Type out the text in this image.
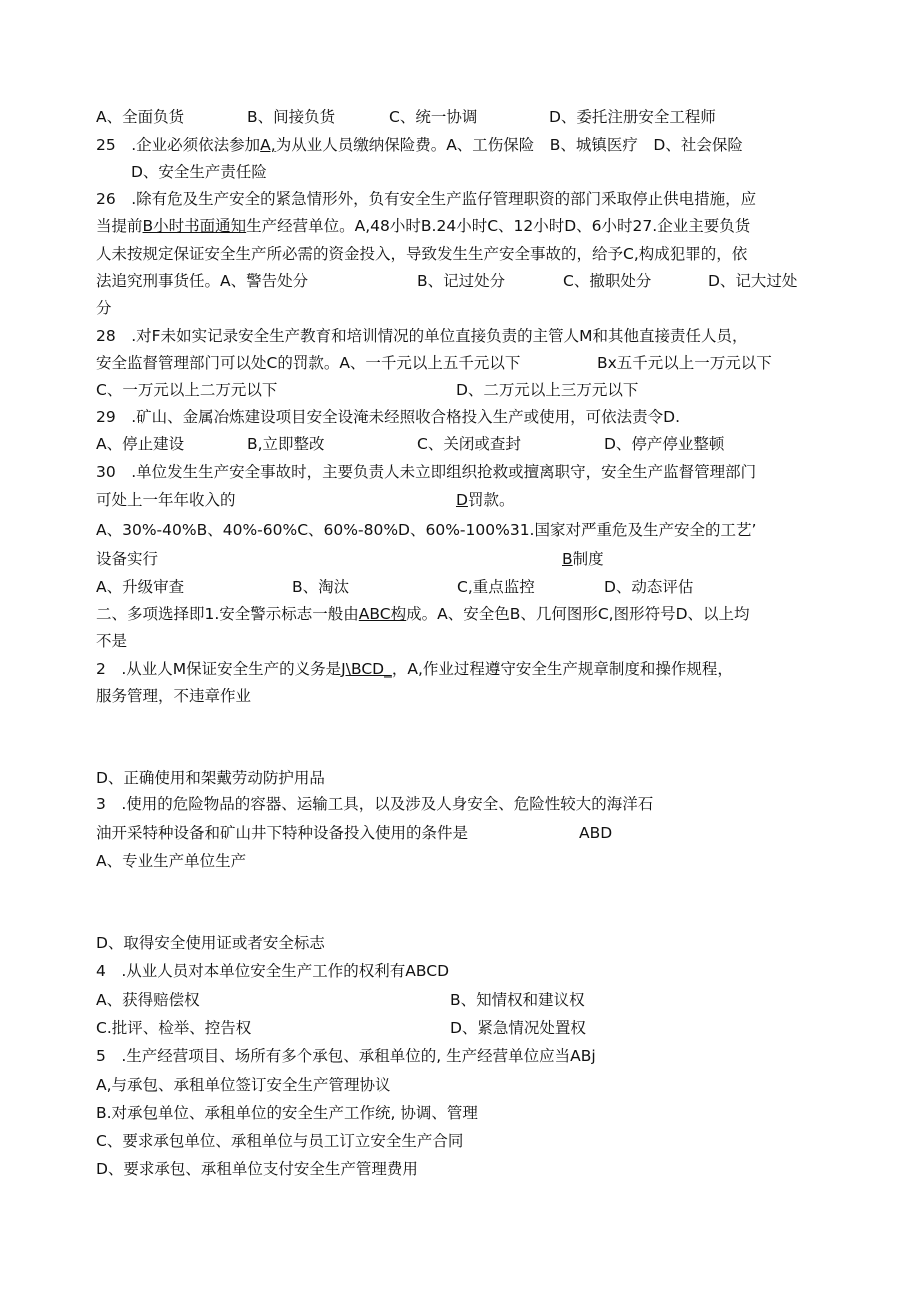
A、全面负货	B、间接负货	C、统一协调	D、委托注册安全工程师
25　.企业必须依法参加A,为从业人员缴纳保险费。A、工伤保险　B、城镇医疗　D、社会保险
D、安全生产责任险
26　.除有危及生产安全的紧急情形外，负有安全生产监仔管理职资的部门釆取停止供电措施，应
当提前B小时书面通知生产经营单位。A,48小时B.24小时C、12小时D、6小时27.企业主要负货
人未按规定保证安全生产所必需的资金投入，导致发生生产安全事故的，给予C,构成犯罪的，依
法追究刑事货任。A、警告处分	B、记过处分	C、撤职处分	D、记大过处
分
28　.对F未如实记录安全生产教育和培训情况的单位直接负责的主管人M和其他直接责任人员，
安全监督管理部门可以处C的罚款。A、一千元以上五千元以下	Bx五千元以上一万元以下
C、一万元以上二万元以下	D、二万元以上三万元以下
29　.矿山、金属冶炼建设项目安全设淹未经照收合格投入生产或使用，可依法责令D.
A、停止建设	B,立即整改	C、关闭或查封	D、停产停业整顿
30　.单位发生生产安全事故时，主要负责人未立即组织抢救或擅离职守，安全生产监督管理部门
可处上一年年收入的	D罚款。
A、30%-40%B、40%-60%C、60%-80%D、60%-100%31.国家对严重危及生产安全的工艺’
设备实行	B制度
A、升级审查	B、淘汰	C,重点监控	D、动态评估
二、多项选择即1.安全警示标志一般由ABC构成。A、安全色B、几何图形C,图形符号D、以上均
不是
2　.从业人M保证安全生产的义务是J\BCD_，A,作业过程遵守安全生产规章制度和操作规程，
服务管理，不违章作业
D、正确使用和架戴劳动防护用品
3　.使用的危险物品的容器、运输工具，以及涉及人身安全、危险性较大的海洋石
油开采特种设备和矿山井下特种设备投入使用的条件是	ABD
A、专业生产单位生产
D、取得安全使用证或者安全标志
4　.从业人员对本单位安全生产工作的权利有ABCD
A、获得赔偿权	B、知情权和建议权
C.批评、检举、控告权	D、紧急情况处置权
5　.生产经营项目、场所有多个承包、承租单位的, 生产经营单位应当ABj
A,与承包、承租单位签订安全生产管理协议
B.对承包单位、承租单位的安全生产工作统, 协调、管理
C、要求承包单位、承租单位与员工订立安全生产合同
D、要求承包、承租单位支付安全生产管理费用
